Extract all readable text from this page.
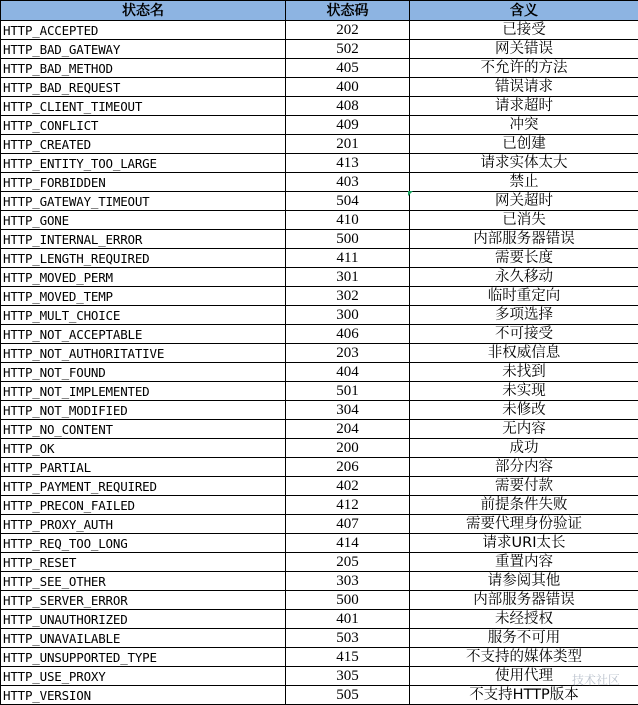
状态名	状态码	含义
HTTP_ACCEPTED	202	已接受
HTTP_BAD_GATEWAY	502	网关错误
HTTP_BAD_METHOD	405	不允许的方法
HTTP_BAD_REQUEST	400	错误请求
HTTP_CLIENT_TIMEOUT	408	请求超时
HTTP_CONFLICT	409	冲突
HTTP_CREATED	201	已创建
HTTP_ENTITY_TOO_LARGE	413	请求实体太大
HTTP_FORBIDDEN	403	禁止
HTTP_GATEWAY_TIMEOUT	504	网关超时
HTTP_GONE	410	已消失
HTTP_INTERNAL_ERROR	500	内部服务器错误
HTTP_LENGTH_REQUIRED	411	需要长度
HTTP_MOVED_PERM	301	永久移动
HTTP_MOVED_TEMP	302	临时重定向
HTTP_MULT_CHOICE	300	多项选择
HTTP_NOT_ACCEPTABLE	406	不可接受
HTTP_NOT_AUTHORITATIVE	203	非权威信息
HTTP_NOT_FOUND	404	未找到
HTTP_NOT_IMPLEMENTED	501	未实现
HTTP_NOT_MODIFIED	304	未修改
HTTP_NO_CONTENT	204	无内容
HTTP_OK	200	成功
HTTP_PARTIAL	206	部分内容
HTTP_PAYMENT_REQUIRED	402	需要付款
HTTP_PRECON_FAILED	412	前提条件失败
HTTP_PROXY_AUTH	407	需要代理身份验证
HTTP_REQ_TOO_LONG	414	请求URI太长
HTTP_RESET	205	重置内容
HTTP_SEE_OTHER	303	请参阅其他
HTTP_SERVER_ERROR	500	内部服务器错误
HTTP_UNAUTHORIZED	401	未经授权
HTTP_UNAVAILABLE	503	服务不可用
HTTP_UNSUPPORTED_TYPE	415	不支持的媒体类型
HTTP_USE_PROXY	305	使用代理
HTTP_VERSION	505	不支持HTTP版本
技术社区
